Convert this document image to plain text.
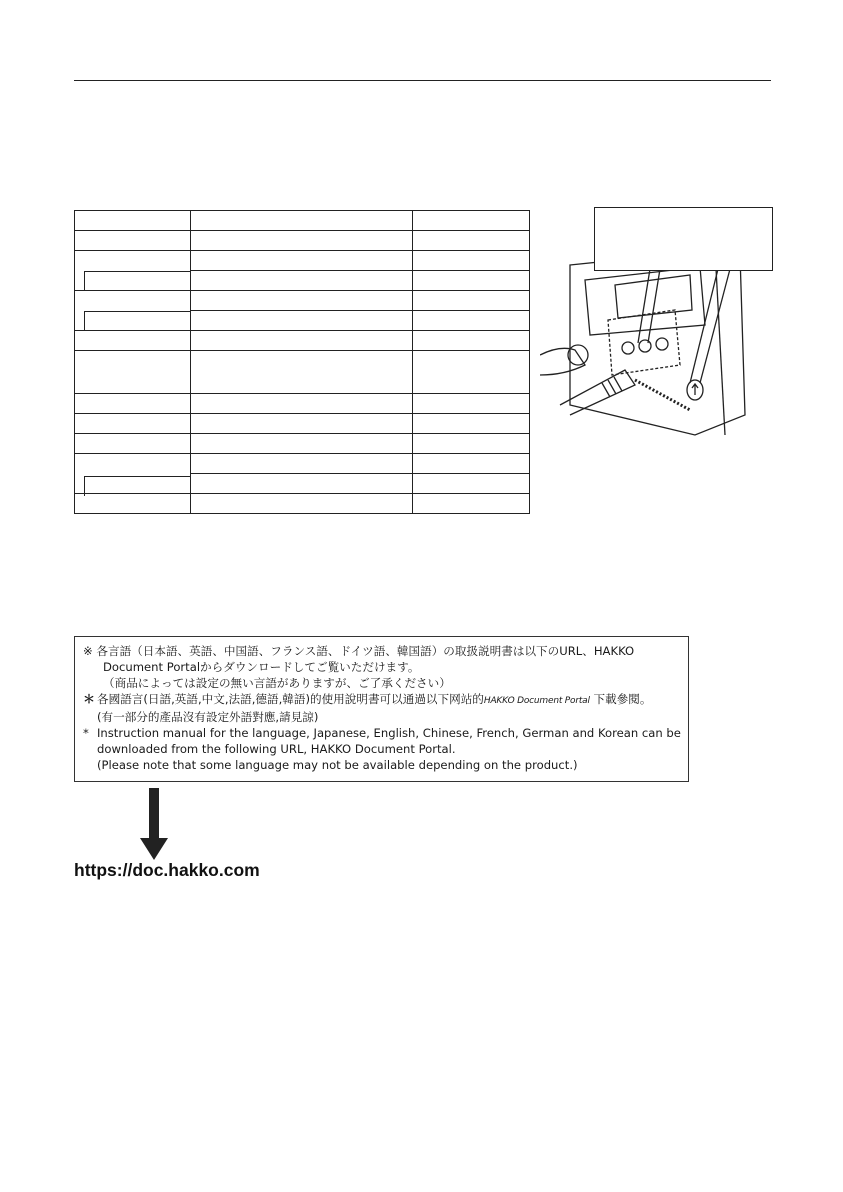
※ 各言語（日本語、英語、中国語、フランス語、ドイツ語、韓国語）の取扱説明書は以下のURL、HAKKO
Document Portalからダウンロードしてご覧いただけます。
（商品によっては設定の無い言語がありますが、ご了承ください）
＊ 各國語言(日語,英語,中文,法語,德語,韓語)的使用說明書可以通過以下网站的HAKKO Document Portal 下載參閱。
(有一部分的產品沒有設定外語對應,請見諒)
* Instruction manual for the language, Japanese, English, Chinese, French, German and Korean can be
downloaded from the following URL, HAKKO Document Portal.
(Please note that some language may not be available depending on the product.)
https://doc.hakko.com
